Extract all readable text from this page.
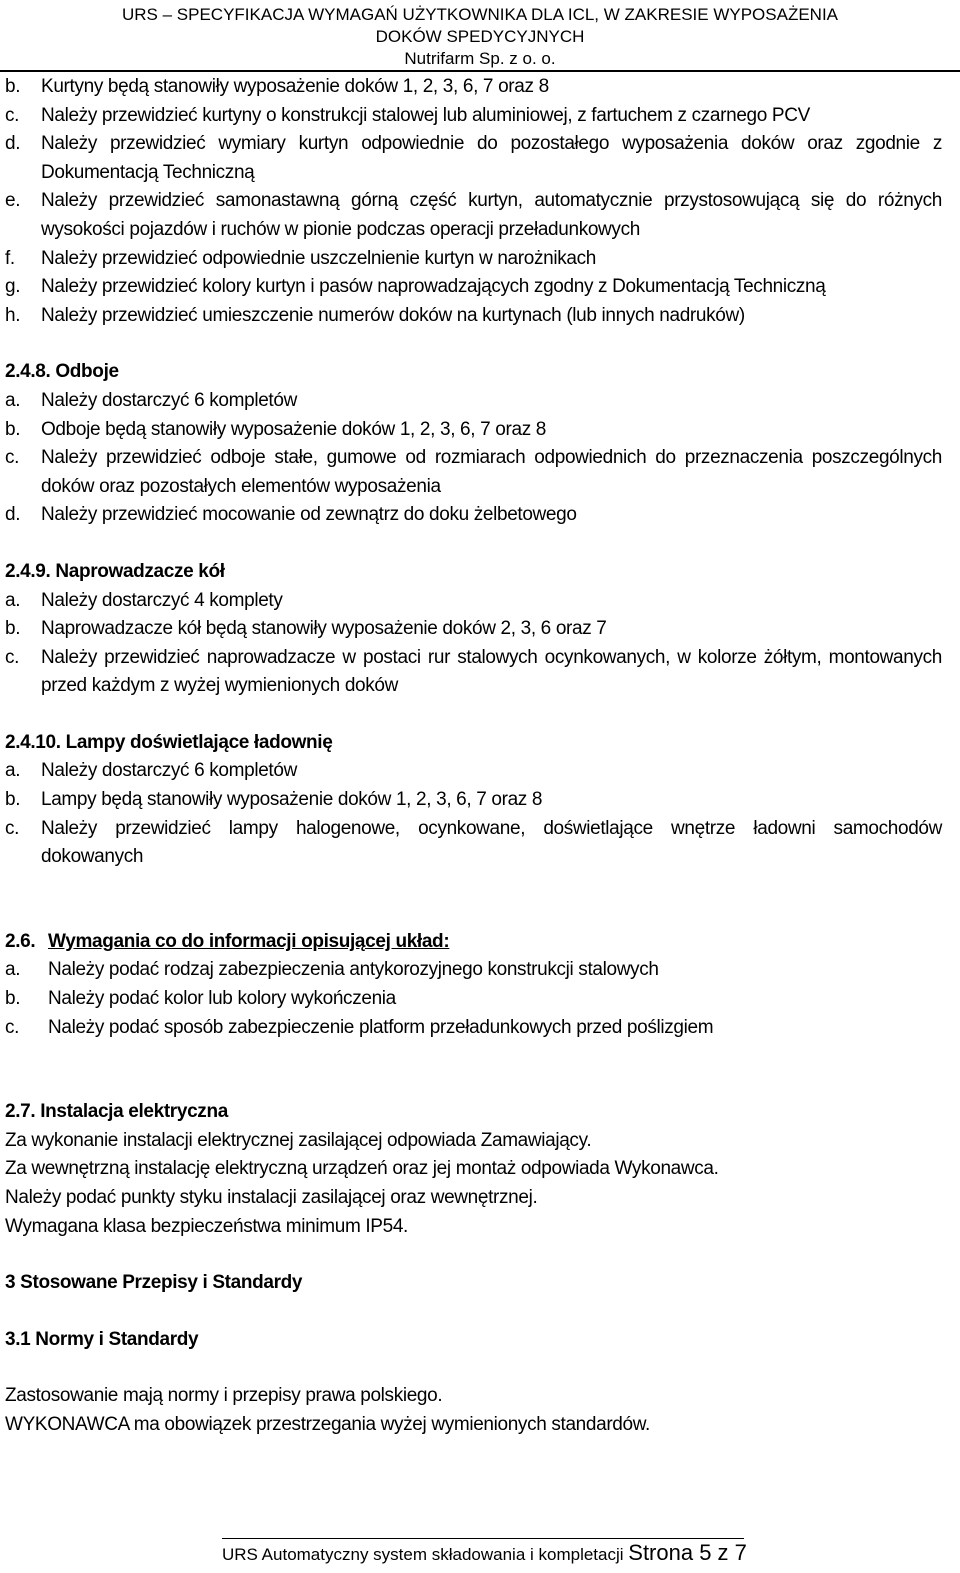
URS – SPECYFIKACJA WYMAGAŃ UŻYTKOWNIKA DLA ICL, W ZAKRESIE WYPOSAŻENIA
DOKÓW SPEDYCYJNYCH
Nutrifarm Sp. z o. o.
b.	Kurtyny będą stanowiły wyposażenie doków 1, 2, 3, 6, 7 oraz 8
c.	Należy przewidzieć kurtyny o konstrukcji stalowej lub aluminiowej, z fartuchem z czarnego PCV
d.	Należy przewidzieć wymiary kurtyn odpowiednie do pozostałego wyposażenia doków oraz zgodnie z Dokumentacją Techniczną
e.	Należy przewidzieć samonastawną górną część kurtyn, automatycznie przystosowującą się do różnych wysokości pojazdów i ruchów w pionie podczas operacji przeładunkowych
f.	Należy przewidzieć odpowiednie uszczelnienie kurtyn w narożnikach
g.	Należy przewidzieć kolory kurtyn i pasów naprowadzających zgodny z Dokumentacją Techniczną
h.	Należy przewidzieć umieszczenie numerów doków na kurtynach (lub innych nadruków)
2.4.8. Odboje
a.	Należy dostarczyć 6 kompletów
b.	Odboje będą stanowiły wyposażenie doków 1, 2, 3, 6, 7 oraz 8
c.	Należy przewidzieć odboje stałe, gumowe od rozmiarach odpowiednich do przeznaczenia poszczególnych doków oraz pozostałych elementów wyposażenia
d.	Należy przewidzieć mocowanie od zewnątrz do doku żelbetowego
2.4.9. Naprowadzacze kół
a.	Należy dostarczyć 4 komplety
b.	Naprowadzacze kół będą stanowiły wyposażenie doków 2, 3, 6 oraz 7
c.	Należy przewidzieć naprowadzacze w postaci rur stalowych ocynkowanych, w kolorze żółtym, montowanych przed każdym z wyżej wymienionych doków
2.4.10. Lampy doświetlające ładownię
a.	Należy dostarczyć 6 kompletów
b.	Lampy będą stanowiły wyposażenie doków 1, 2, 3, 6, 7 oraz 8
c.	Należy przewidzieć lampy halogenowe, ocynkowane, doświetlające wnętrze ładowni samochodów dokowanych
2.6. Wymagania co do informacji opisującej układ:
a.	Należy podać rodzaj zabezpieczenia antykorozyjnego konstrukcji stalowych
b.	Należy podać kolor lub kolory wykończenia
c.	Należy podać sposób zabezpieczenie platform przeładunkowych przed poślizgiem
2.7. Instalacja elektryczna
Za wykonanie instalacji elektrycznej zasilającej odpowiada Zamawiający.
Za wewnętrzną instalację elektryczną urządzeń oraz jej montaż odpowiada Wykonawca.
Należy podać punkty styku instalacji zasilającej oraz wewnętrznej.
Wymagana klasa bezpieczeństwa minimum IP54.
3 Stosowane Przepisy i Standardy
3.1 Normy i Standardy
Zastosowanie mają normy i przepisy prawa polskiego.
WYKONAWCA ma obowiązek przestrzegania wyżej wymienionych standardów.
URS Automatyczny system składowania i kompletacji Strona 5 z 7
